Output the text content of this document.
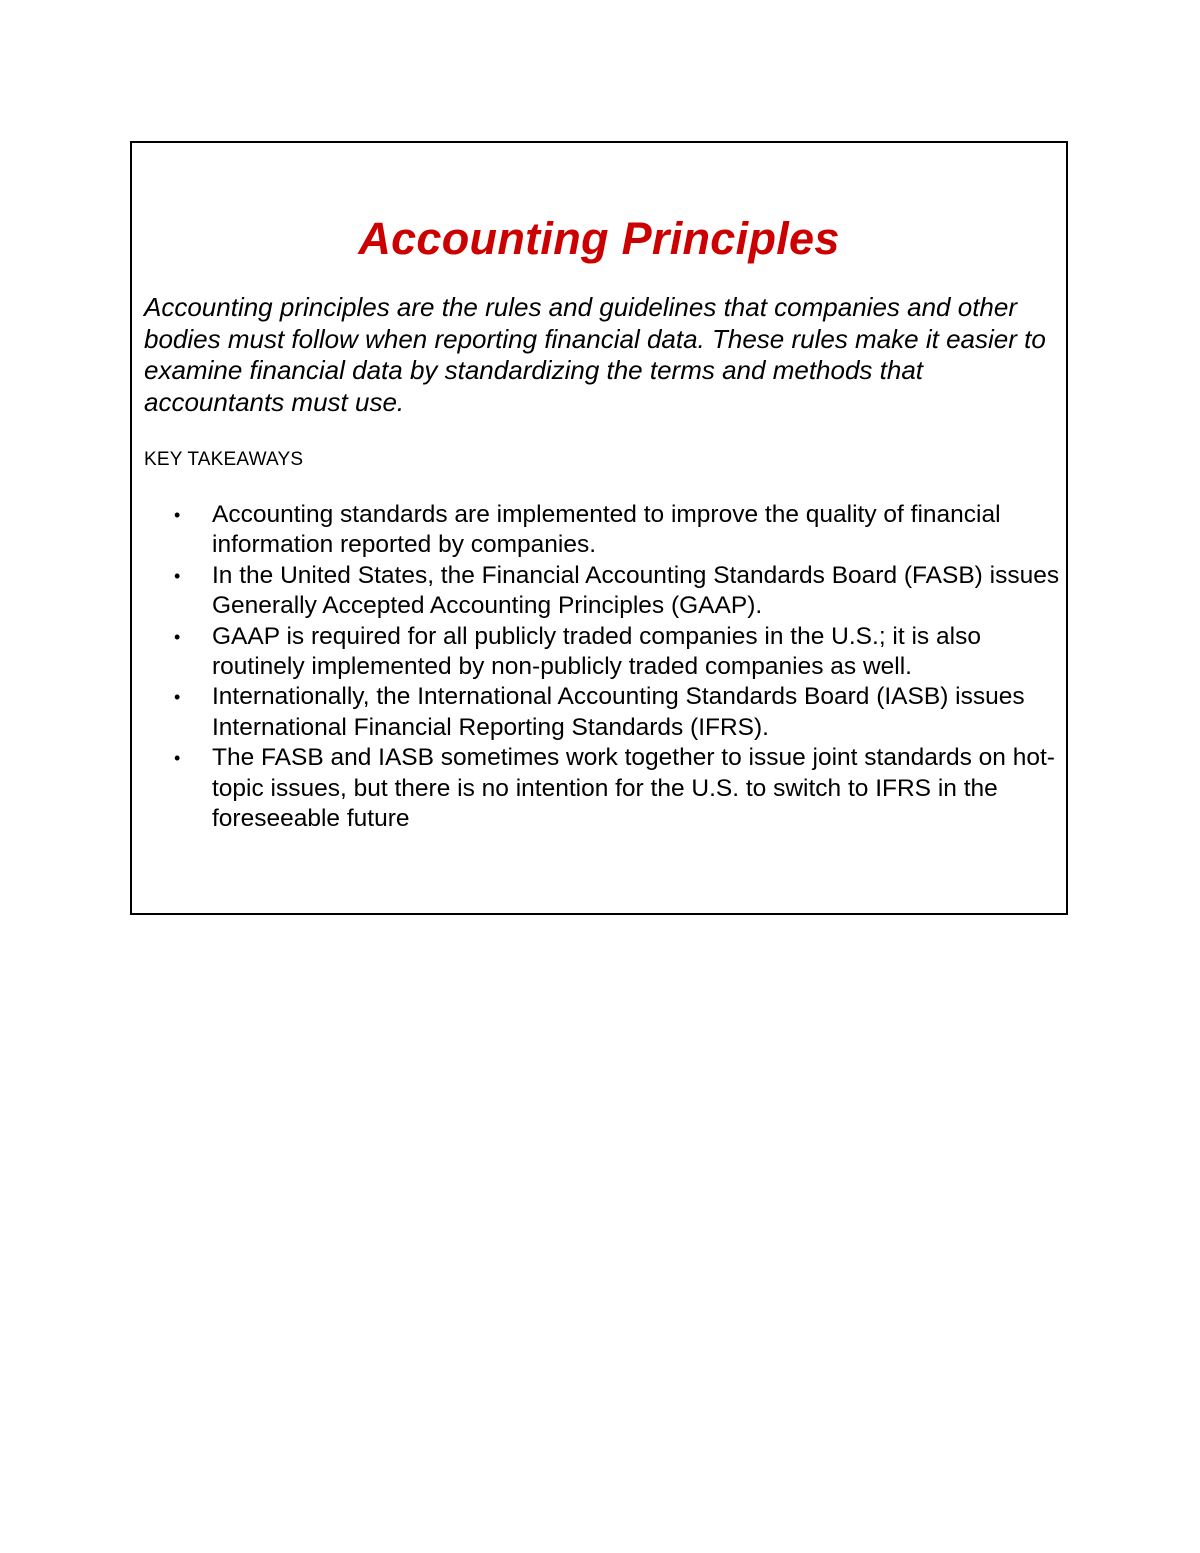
Accounting Principles

Accounting principles are the rules and guidelines that companies and other bodies must follow when reporting financial data. These rules make it easier to examine financial data by standardizing the terms and methods that accountants must use.

KEY TAKEAWAYS

• Accounting standards are implemented to improve the quality of financial information reported by companies.
• In the United States, the Financial Accounting Standards Board (FASB) issues Generally Accepted Accounting Principles (GAAP).
• GAAP is required for all publicly traded companies in the U.S.; it is also routinely implemented by non-publicly traded companies as well.
• Internationally, the International Accounting Standards Board (IASB) issues International Financial Reporting Standards (IFRS).
• The FASB and IASB sometimes work together to issue joint standards on hot-topic issues, but there is no intention for the U.S. to switch to IFRS in the foreseeable future
